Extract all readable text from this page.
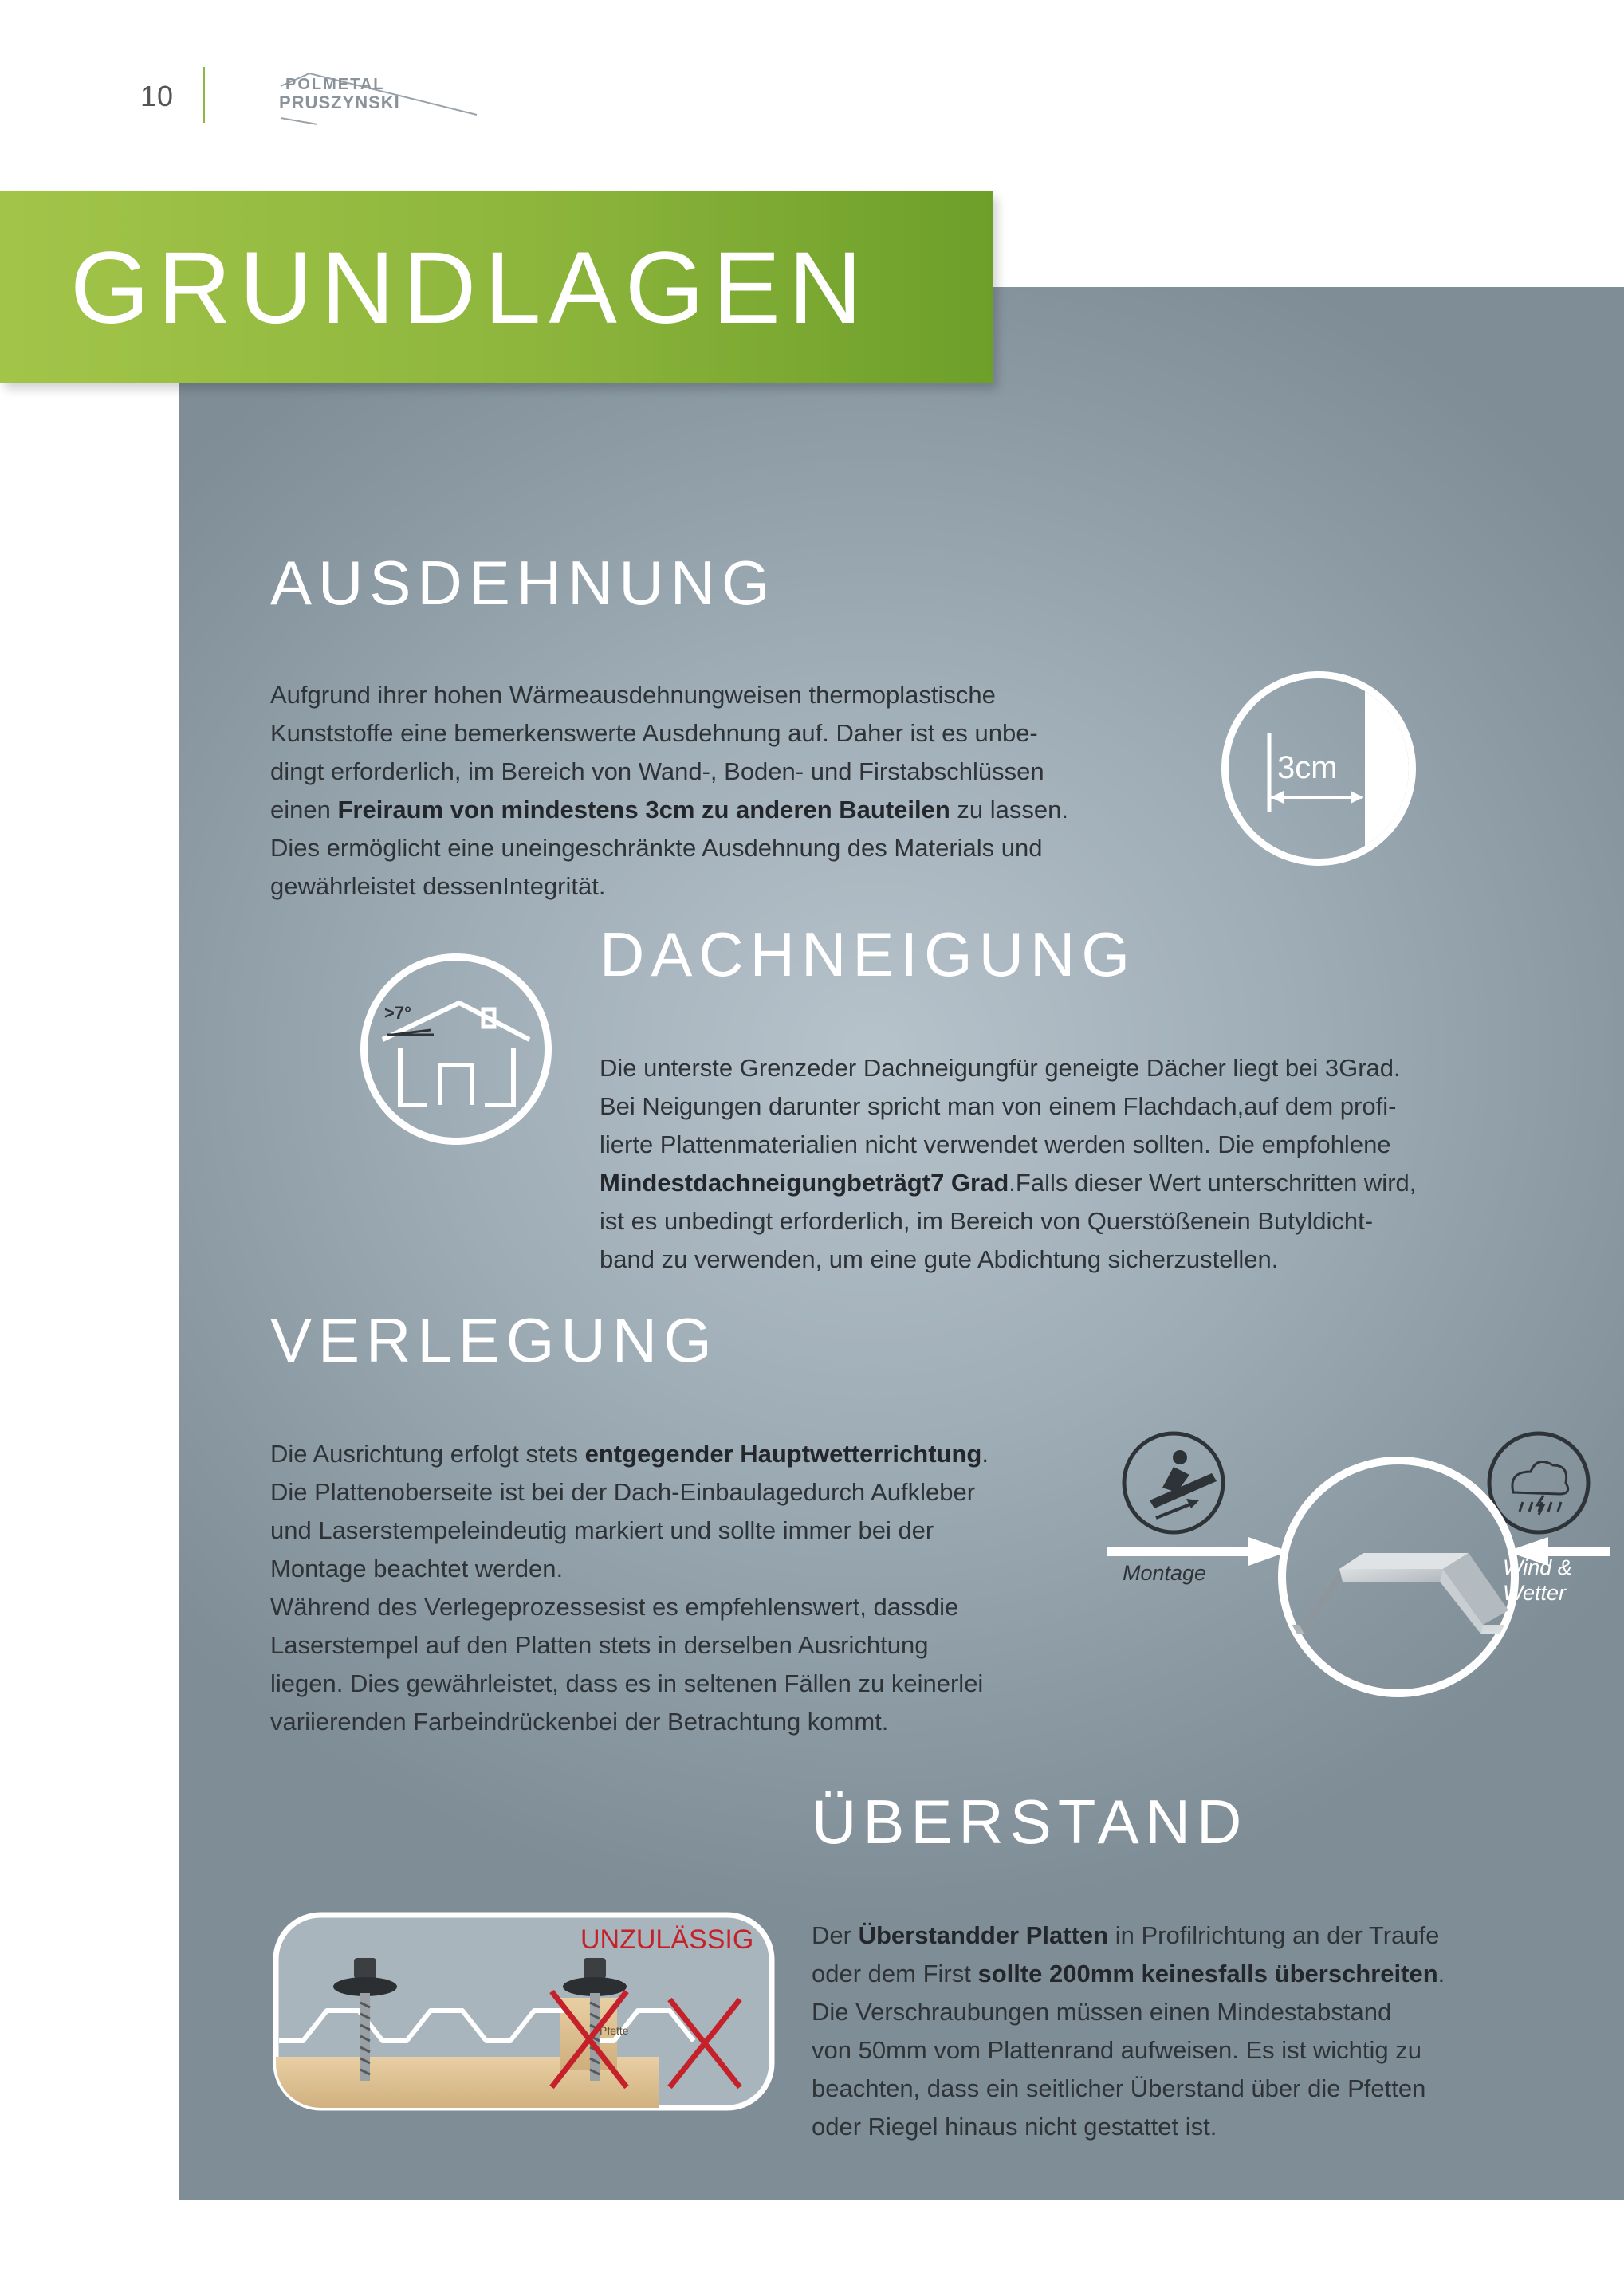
10	POLMETAL
PRUSZYNSKI
GRUNDLAGEN
AUSDEHNUNG
Aufgrund ihrer hohen Wärmeausdehnungweisen thermoplastische
Kunststoffe eine bemerkenswerte Ausdehnung auf. Daher ist es unbe-
dingt erforderlich, im Bereich von Wand-, Boden- und Firstabschlüssen
einen Freiraum von mindestens 3cm zu anderen Bauteilen zu lassen.
Dies ermöglicht eine uneingeschränkte Ausdehnung des Materials und
gewährleistet dessenIntegrität.
3cm
DACHNEIGUNG
Die unterste Grenzeder Dachneigungfür geneigte Dächer liegt bei 3Grad.
Bei Neigungen darunter spricht man von einem Flachdach,auf dem profi-
lierte Plattenmaterialien nicht verwendet werden sollten. Die empfohlene
Mindestdachneigungbeträgt7 Grad.Falls dieser Wert unterschritten wird,
ist es unbedingt erforderlich, im Bereich von Querstößenein Butyldicht-
band zu verwenden, um eine gute Abdichtung sicherzustellen.
>7°
VERLEGUNG
Die Ausrichtung erfolgt stets entgegender Hauptwetterrichtung.
Die Plattenoberseite ist bei der Dach-Einbaulagedurch Aufkleber
und Laserstempeleindeutig markiert und sollte immer bei der
Montage beachtet werden.
Während des Verlegeprozessesist es empfehlenswert, dassdie
Laserstempel auf den Platten stets in derselben Ausrichtung
liegen. Dies gewährleistet, dass es in seltenen Fällen zu keinerlei
variierenden Farbeindrückenbei der Betrachtung kommt.
Montage	Wind &
Wetter
ÜBERSTAND
Der Überstandder Platten in Profilrichtung an der Traufe
oder dem First sollte 200mm keinesfalls überschreiten.
Die Verschraubungen müssen einen Mindestabstand
von 50mm vom Plattenrand aufweisen. Es ist wichtig zu
beachten, dass ein seitlicher Überstand über die Pfetten
oder Riegel hinaus nicht gestattet ist.
Pfette
UNZULÄSSIG
